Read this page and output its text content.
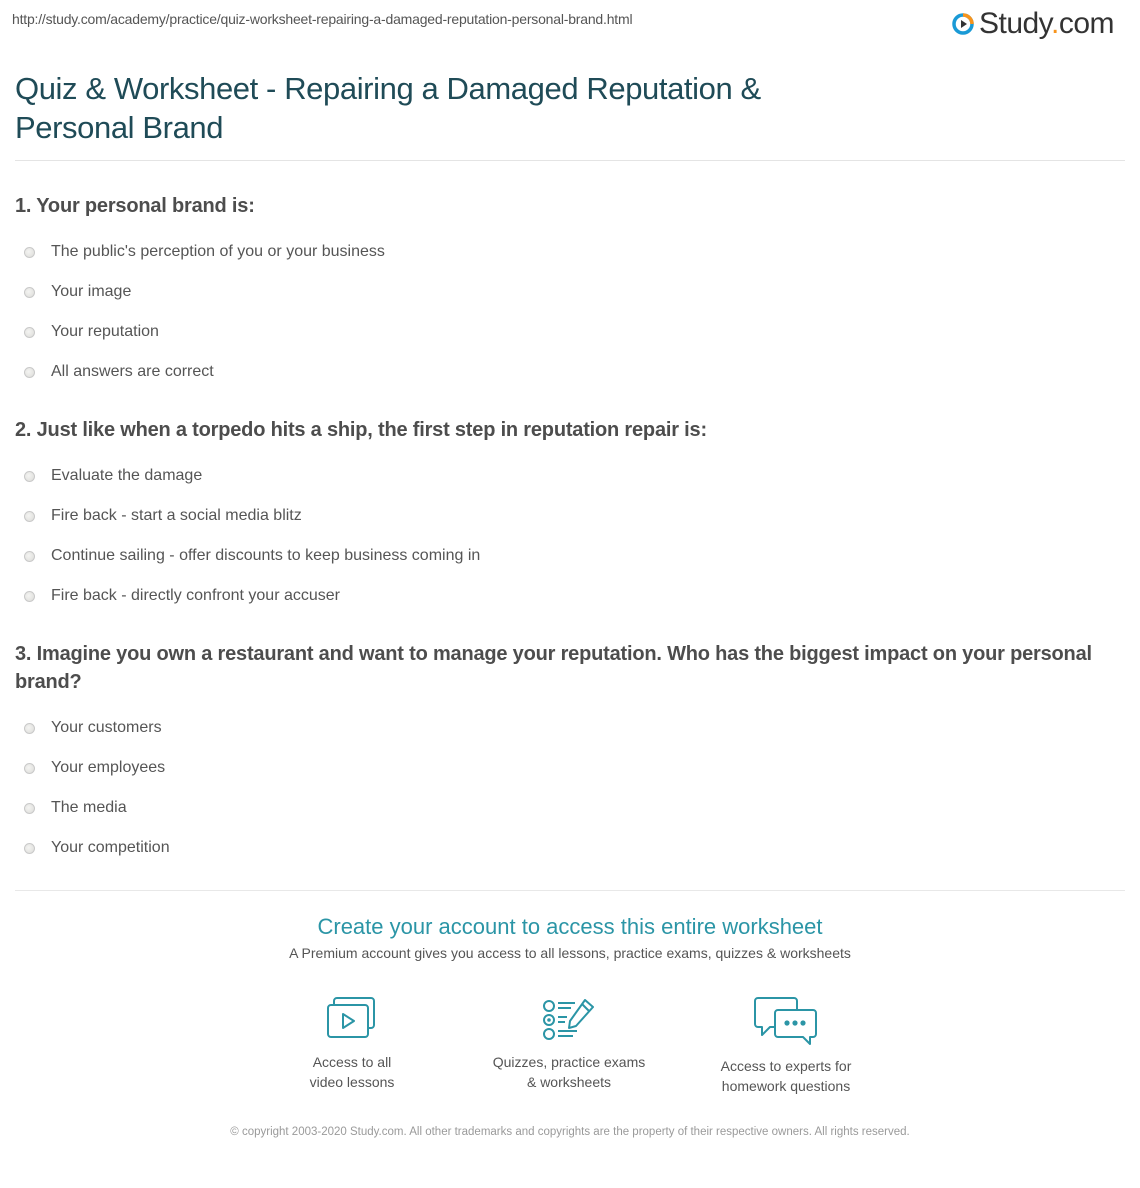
http://study.com/academy/practice/quiz-worksheet-repairing-a-damaged-reputation-personal-brand.html	Study.com
Quiz & Worksheet - Repairing a Damaged Reputation & Personal Brand
1. Your personal brand is:
The public's perception of you or your business
Your image
Your reputation
All answers are correct
2. Just like when a torpedo hits a ship, the first step in reputation repair is:
Evaluate the damage
Fire back - start a social media blitz
Continue sailing - offer discounts to keep business coming in
Fire back - directly confront your accuser
3. Imagine you own a restaurant and want to manage your reputation. Who has the biggest impact on your personal brand?
Your customers
Your employees
The media
Your competition
Create your account to access this entire worksheet
A Premium account gives you access to all lessons, practice exams, quizzes & worksheets
Access to all
video lessons
Quizzes, practice exams
& worksheets
Access to experts for
homework questions
© copyright 2003-2020 Study.com. All other trademarks and copyrights are the property of their respective owners. All rights reserved.
